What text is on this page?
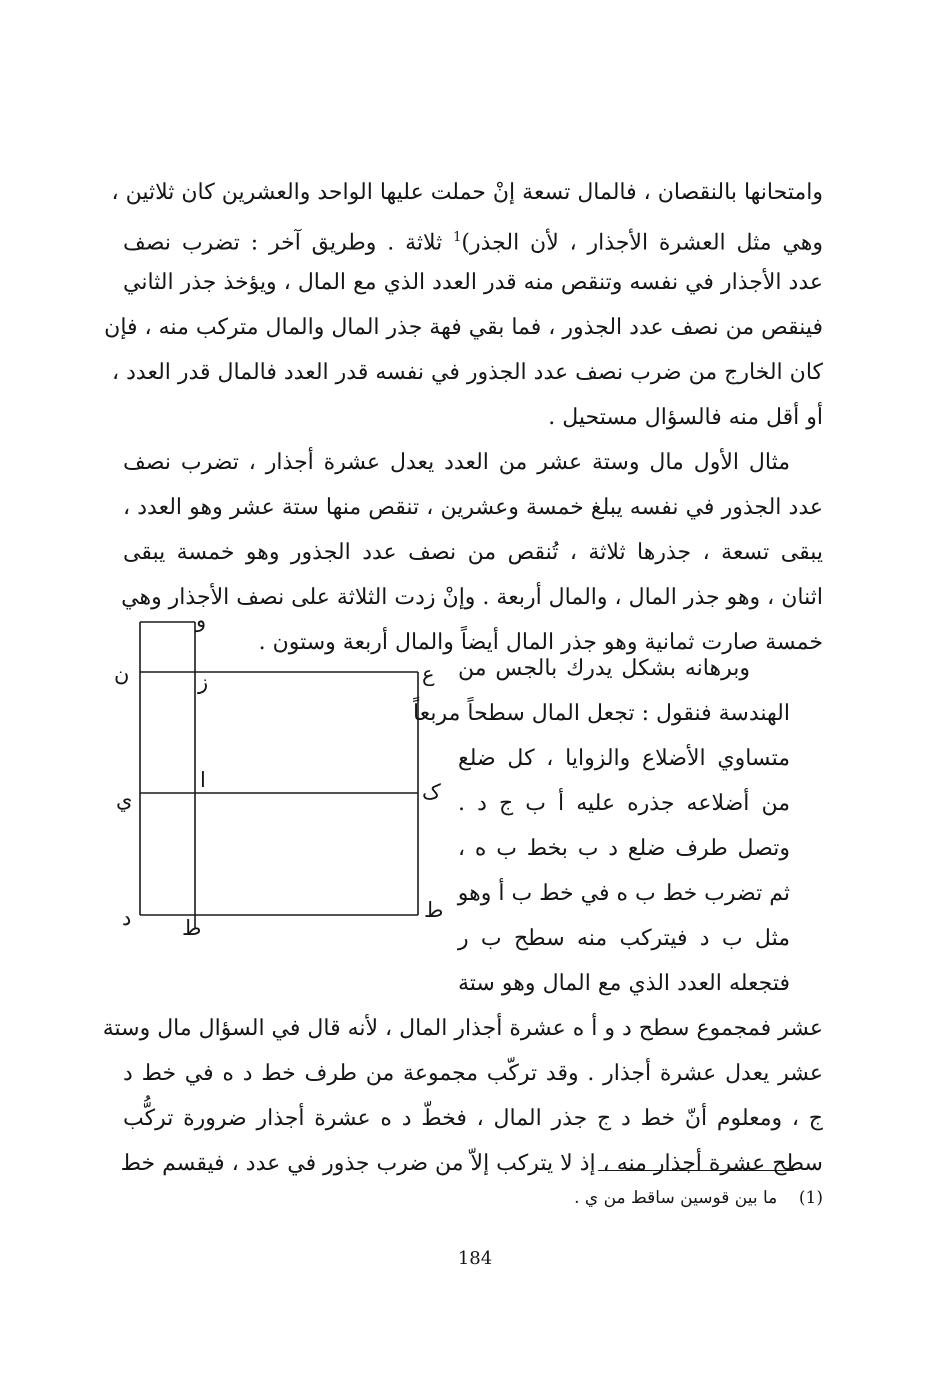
وامتحانها بالنقصان ، فالمال تسعة إنْ حملت عليها الواحد والعشرين كان ثلاثين ،
وهي مثل العشرة الأجذار ، لأن الجذر)$^1$ ثلاثة . وطريق آخر : تضرب نصف
عدد الأجذار في نفسه وتنقص منه قدر العدد الذي مع المال ، ويؤخذ جذر الثاني
فينقص من نصف عدد الجذور ، فما بقي فهة جذر المال والمال متركب منه ، فإن
كان الخارج من ضرب نصف عدد الجذور في نفسه قدر العدد فالمال قدر العدد ،
أو أقل منه فالسؤال مستحيل .
مثال الأول مال وستة عشر من العدد يعدل عشرة أجذار ، تضرب نصف
عدد الجذور في نفسه يبلغ خمسة وعشرين ، تنقص منها ستة عشر وهو العدد ،
يبقى تسعة ، جذرها ثلاثة ، تُنقص من نصف عدد الجذور وهو خمسة يبقى
اثنان ، وهو جذر المال ، والمال أربعة . وإنْ زدت الثلاثة على نصف الأجذار وهي
خمسة صارت ثمانية وهو جذر المال أيضاً والمال أربعة وستون .
وبرهانه بشكل يدرك بالجس من
الهندسة فنقول : تجعل المال سطحاً مربعاً
متساوي الأضلاع والزوايا ، كل ضلع
من أضلاعه جذره عليه أ ب ج د .
وتصل طرف ضلع د ب بخط ب ه ،
ثم تضرب خط ب ه في خط ب أ وهو
مثل ب د فيتركب منه سطح ب ر
فتجعله العدد الذي مع المال وهو ستة
عشر فمجموع سطح د و أ ه عشرة أجذار المال ، لأنه قال في السؤال مال وستة
عشر يعدل عشرة أجذار . وقد تركّب مجموعة من طرف خط د ه في خط د
ج ، ومعلوم أنّ خط د ج جذر المال ، فخطّ د ه عشرة أجذار ضرورة تركُّب
سطح عشرة أجذار منه ، إذ لا يتركب إلاّ من ضرب جذور في عدد ، فيقسم خط
و
ن	ز	ع
ا
ي	ک
د ط
ط
(1)    ما بين قوسين ساقط من ي .
184
